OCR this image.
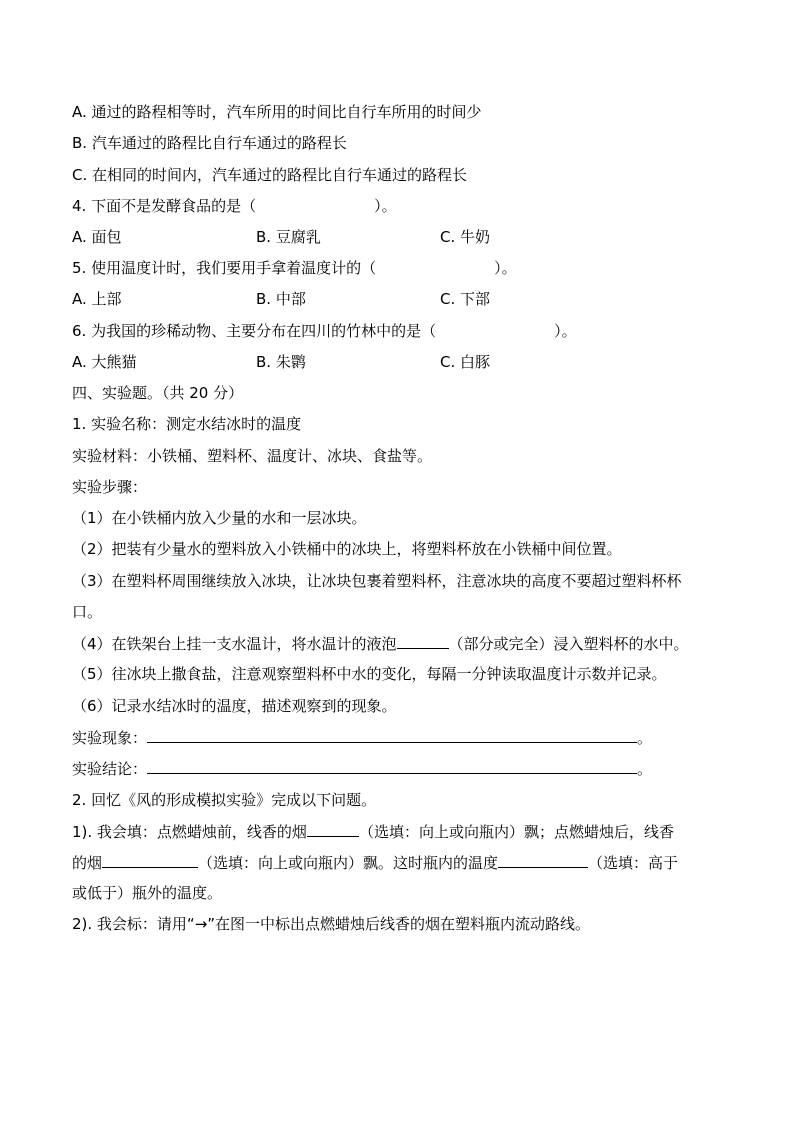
A. 通过的路程相等时，汽车所用的时间比自行车所用的时间少
B. 汽车通过的路程比自行车通过的路程长
C. 在相同的时间内，汽车通过的路程比自行车通过的路程长
4. 下面不是发酵食品的是（	）。
A. 面包	B. 豆腐乳	C. 牛奶
5. 使用温度计时，我们要用手拿着温度计的（	）。
A. 上部	B. 中部	C. 下部
6. 为我国的珍稀动物、主要分布在四川的竹林中的是（	）。
A. 大熊猫	B. 朱鹮	C. 白豚
四、实验题。（共 20 分）
1. 实验名称：测定水结冰时的温度
实验材料：小铁桶、塑料杯、温度计、冰块、食盐等。
实验步骤：
（1）在小铁桶内放入少量的水和一层冰块。
（2）把装有少量水的塑料放入小铁桶中的冰块上，将塑料杯放在小铁桶中间位置。
（3）在塑料杯周围继续放入冰块，让冰块包裹着塑料杯，注意冰块的高度不要超过塑料杯杯
口。
（4）在铁架台上挂一支水温计，将水温计的液泡	（部分或完全）浸入塑料杯的水中。
（5）往冰块上撒食盐，注意观察塑料杯中水的变化，每隔一分钟读取温度计示数并记录。
（6）记录水结冰时的温度，描述观察到的现象。
实验现象：	。
实验结论：	。
2. 回忆《风的形成模拟实验》完成以下问题。
1). 我会填：点燃蜡烛前，线香的烟	（选填：向上或向瓶内）飘；点燃蜡烛后，线香
的烟	（选填：向上或向瓶内）飘。这时瓶内的温度	（选填：高于
或低于）瓶外的温度。
2). 我会标：请用“→”在图一中标出点燃蜡烛后线香的烟在塑料瓶内流动路线。
